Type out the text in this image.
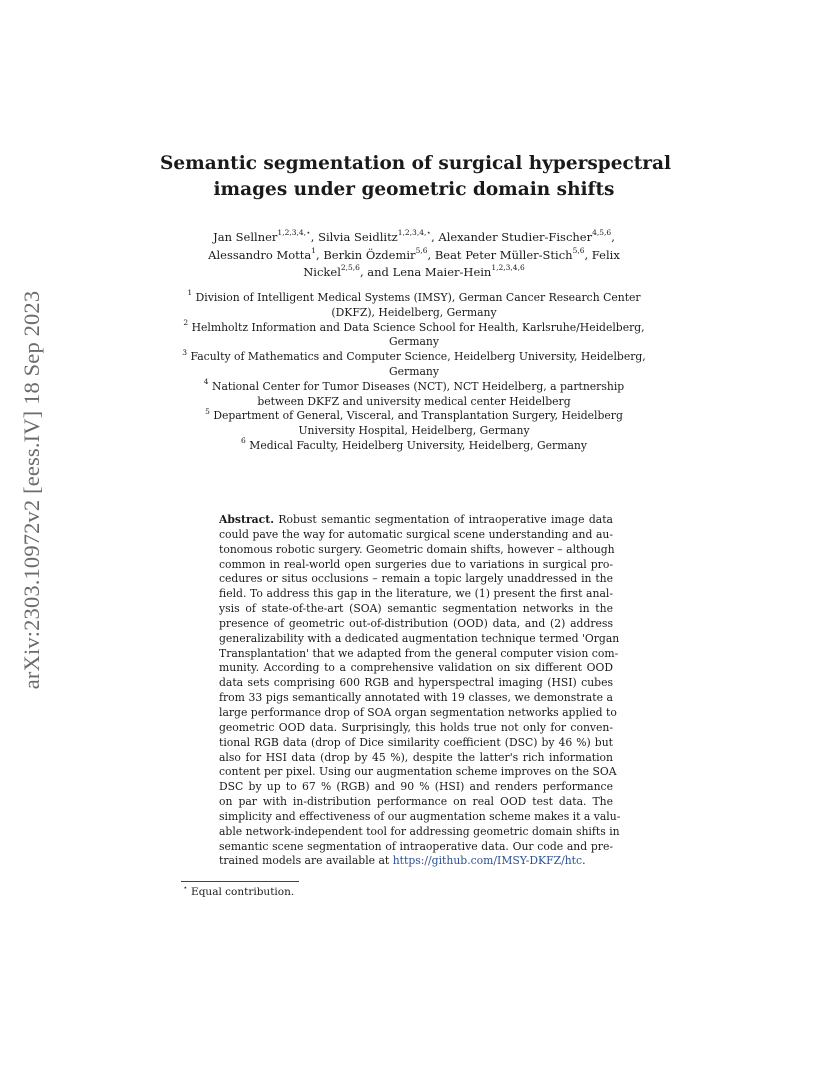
arXiv:2303.10972v2 [eess.IV] 18 Sep 2023
Semantic segmentation of surgical hyperspectral
images under geometric domain shifts
Jan Sellner$^{1,2,3,4,⋆}$, Silvia Seidlitz$^{1,2,3,4,⋆}$, Alexander Studier-Fischer$^{4,5,6}$,
Alessandro Motta$^1$, Berkin Özdemir$^{5,6}$, Beat Peter Müller-Stich$^{5,6}$, Felix
Nickel$^{2,5,6}$, and Lena Maier-Hein$^{1,2,3,4,6}$
$^1$ Division of Intelligent Medical Systems (IMSY), German Cancer Research Center
(DKFZ), Heidelberg, Germany
$^2$ Helmholtz Information and Data Science School for Health, Karlsruhe/Heidelberg,
Germany
$^3$ Faculty of Mathematics and Computer Science, Heidelberg University, Heidelberg,
Germany
$^4$ National Center for Tumor Diseases (NCT), NCT Heidelberg, a partnership
between DKFZ and university medical center Heidelberg
$^5$ Department of General, Visceral, and Transplantation Surgery, Heidelberg
University Hospital, Heidelberg, Germany
$^6$ Medical Faculty, Heidelberg University, Heidelberg, Germany
Abstract. Robust semantic segmentation of intraoperative image data
could pave the way for automatic surgical scene understanding and au-
tonomous robotic surgery. Geometric domain shifts, however – although
common in real-world open surgeries due to variations in surgical pro-
cedures or situs occlusions – remain a topic largely unaddressed in the
field. To address this gap in the literature, we (1) present the first anal-
ysis of state-of-the-art (SOA) semantic segmentation networks in the
presence of geometric out-of-distribution (OOD) data, and (2) address
generalizability with a dedicated augmentation technique termed 'Organ
Transplantation' that we adapted from the general computer vision com-
munity. According to a comprehensive validation on six different OOD
data sets comprising 600 RGB and hyperspectral imaging (HSI) cubes
from 33 pigs semantically annotated with 19 classes, we demonstrate a
large performance drop of SOA organ segmentation networks applied to
geometric OOD data. Surprisingly, this holds true not only for conven-
tional RGB data (drop of Dice similarity coefficient (DSC) by 46 %) but
also for HSI data (drop by 45 %), despite the latter's rich information
content per pixel. Using our augmentation scheme improves on the SOA
DSC by up to 67 % (RGB) and 90 % (HSI) and renders performance
on par with in-distribution performance on real OOD test data. The
simplicity and effectiveness of our augmentation scheme makes it a valu-
able network-independent tool for addressing geometric domain shifts in
semantic scene segmentation of intraoperative data. Our code and pre-
trained models are available at https://github.com/IMSY-DKFZ/htc.
⋆ Equal contribution.
